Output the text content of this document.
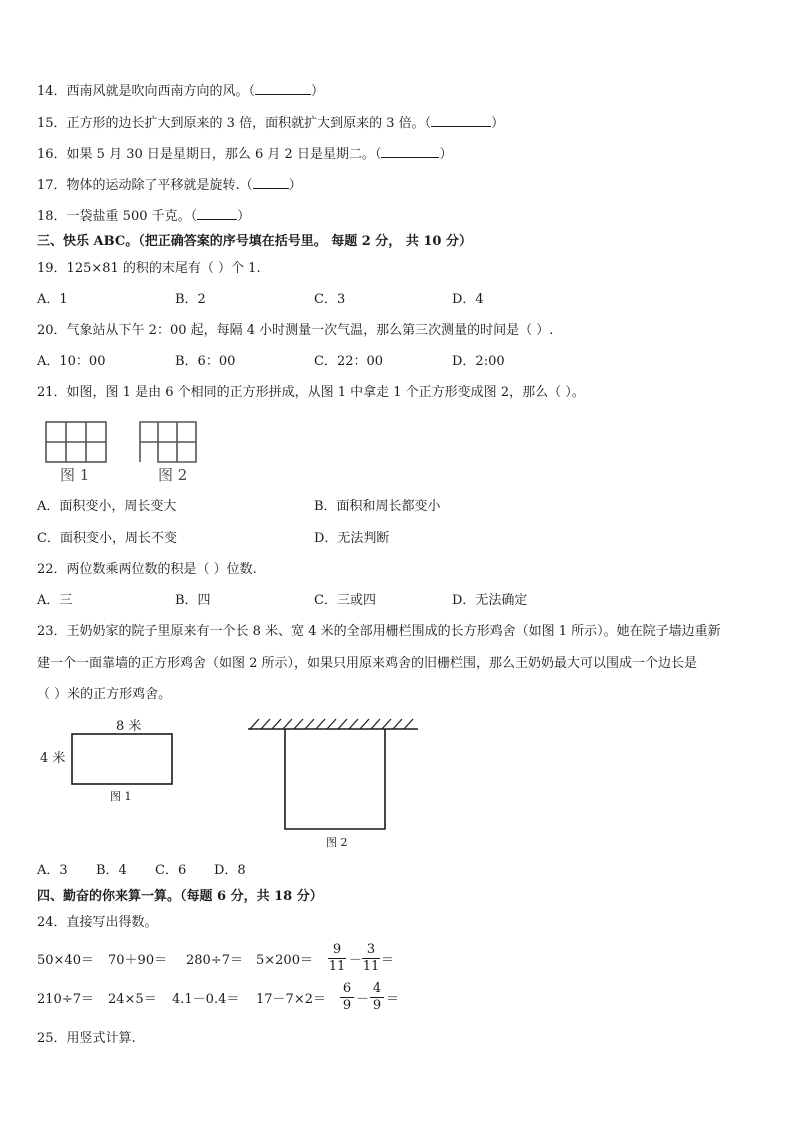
14．西南风就是吹向西南方向的风。（	）
15．正方形的边长扩大到原来的 3 倍，面积就扩大到原来的 3 倍。（	）
16．如果 5 月 30 日是星期日，那么 6 月 2 日是星期二。（	）
17．物体的运动除了平移就是旋转.（	）
18．一袋盐重 500 千克。（	）
三、快乐 ABC。（把正确答案的序号填在括号里。 每题 2 分， 共 10 分）
19．125×81 的积的末尾有（ ）个 1.
A．1	B．2	C．3	D．4
20．气象站从下午 2：00 起，每隔 4 小时测量一次气温，那么第三次测量的时间是（ ）.
A．10：00	B．6：00	C．22：00	D．2:00
21．如图，图 1 是由 6 个相同的正方形拼成，从图 1 中拿走 1 个正方形变成图 2，那么（ ）。
图 1	图 2
A．面积变小，周长变大	B．面积和周长都变小
C．面积变小，周长不变	D．无法判断
22．两位数乘两位数的积是（ ）位数.
A．三	B．四	C．三或四	D．无法确定
23．王奶奶家的院子里原来有一个长 8 米、宽 4 米的全部用栅栏围成的长方形鸡舍（如图 1 所示）。她在院子墙边重新
建一个一面靠墙的正方形鸡舍（如图 2 所示），如果只用原来鸡舍的旧栅栏围，那么王奶奶最大可以围成一个边长是
（ ）米的正方形鸡舍。
8 米
4 米
图 1
图 2
A．3 B．4 C．6 D．8
四、勤奋的你来算一算。（每题 6 分，共 18 分）
24．直接写出得数。
$50\times 40= 70+90= 280\div 7= 5\times 200= \frac{9}{11} - \frac{3}{11}$ ＝
$210\div 7= 24\times 5= 4.1-0.4= 17-7\times 2= \frac{6}{9} - \frac{4}{9}$ ＝
25．用竖式计算.
